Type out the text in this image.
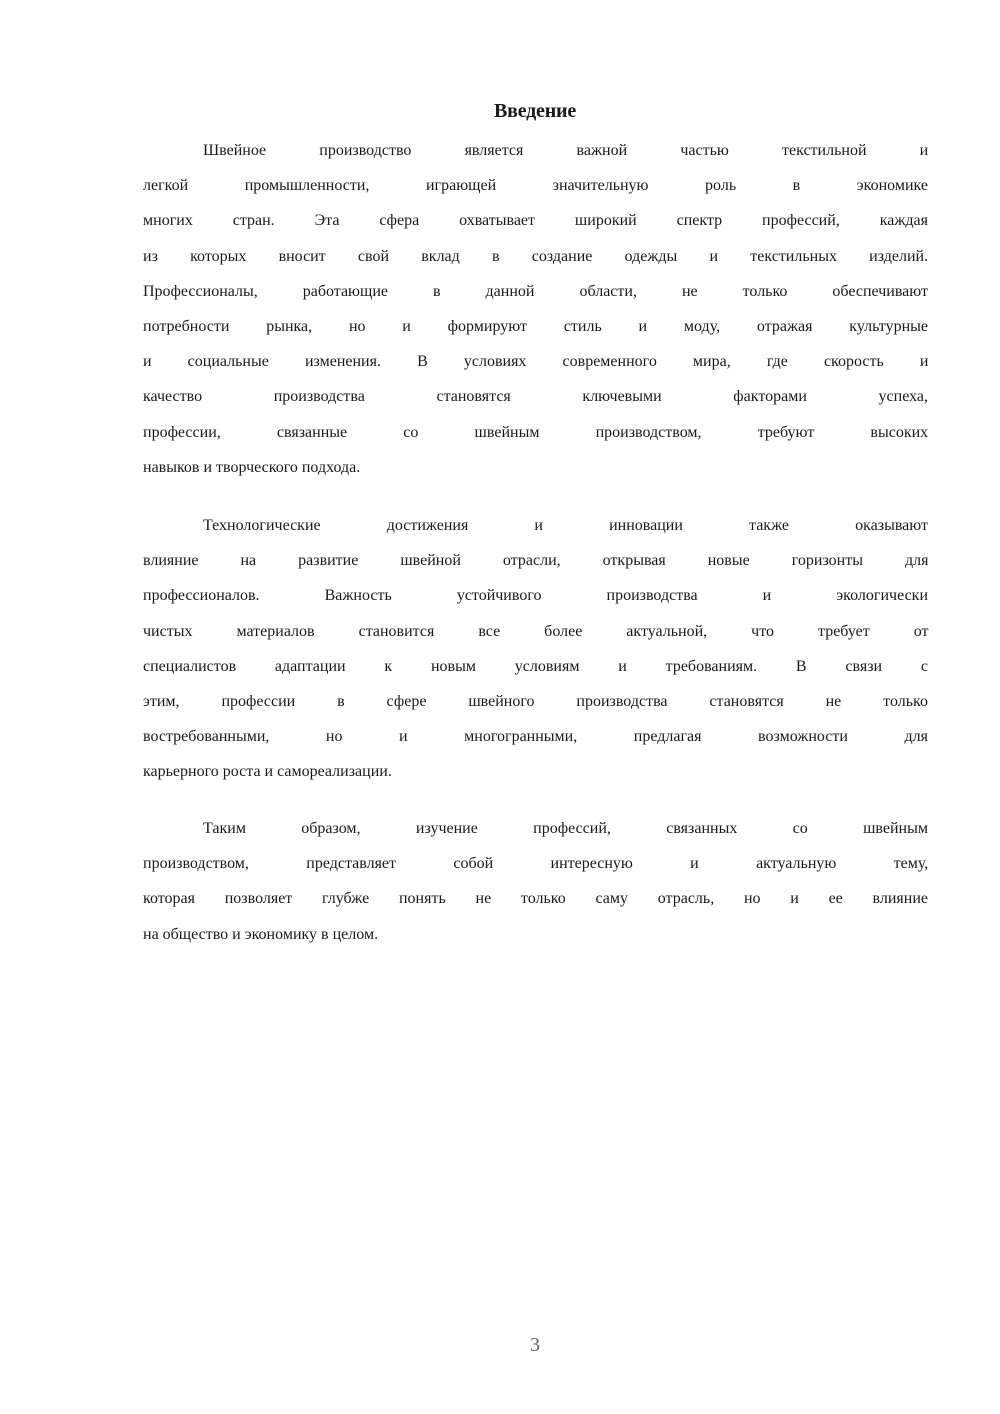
Введение
Швейное производство является важной частью текстильной и
легкой промышленности, играющей значительную роль в экономике
многих стран. Эта сфера охватывает широкий спектр профессий, каждая
из которых вносит свой вклад в создание одежды и текстильных изделий.
Профессионалы, работающие в данной области, не только обеспечивают
потребности рынка, но и формируют стиль и моду, отражая культурные
и социальные изменения. В условиях современного мира, где скорость и
качество производства становятся ключевыми факторами успеха,
профессии, связанные со швейным производством, требуют высоких
навыков и творческого подхода.
Технологические достижения и инновации также оказывают
влияние на развитие швейной отрасли, открывая новые горизонты для
профессионалов. Важность устойчивого производства и экологически
чистых материалов становится все более актуальной, что требует от
специалистов адаптации к новым условиям и требованиям. В связи с
этим, профессии в сфере швейного производства становятся не только
востребованными, но и многогранными, предлагая возможности для
карьерного роста и самореализации.
Таким образом, изучение профессий, связанных со швейным
производством, представляет собой интересную и актуальную тему,
которая позволяет глубже понять не только саму отрасль, но и ее влияние
на общество и экономику в целом.
3
